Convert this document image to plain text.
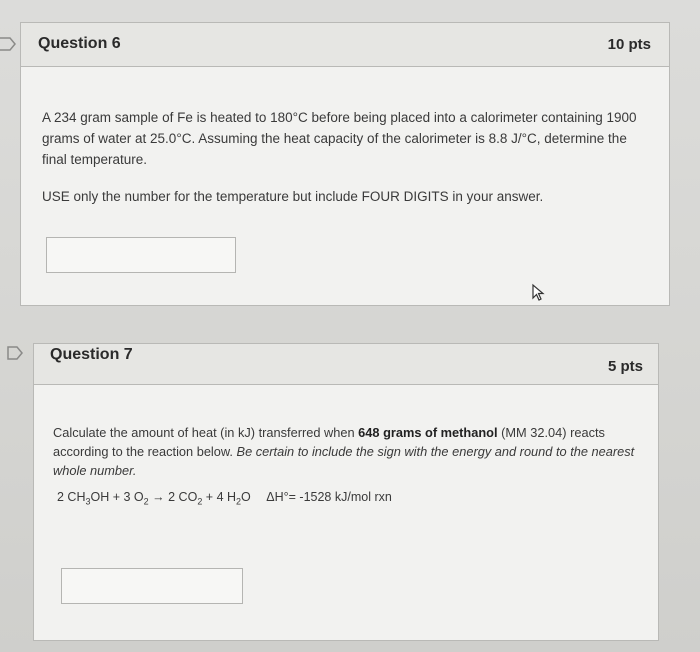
Question 6	10 pts
A 234 gram sample of Fe is heated to 180°C before being placed into a calorimeter containing 1900 grams of water at 25.0°C. Assuming the heat capacity of the calorimeter is 8.8 J/°C, determine the final temperature.
USE only the number for the temperature but include FOUR DIGITS in your answer.
Question 7
5 pts
Calculate the amount of heat (in kJ) transferred when 648 grams of methanol (MM 32.04) reacts according to the reaction below. Be certain to include the sign with the energy and round to the nearest whole number.
2 $CH_3OH + 3$ $O_2 \to 2$ $CO_2 + 4$ $H_2O$ ΔH°= -1528 kJ/mol rxn
